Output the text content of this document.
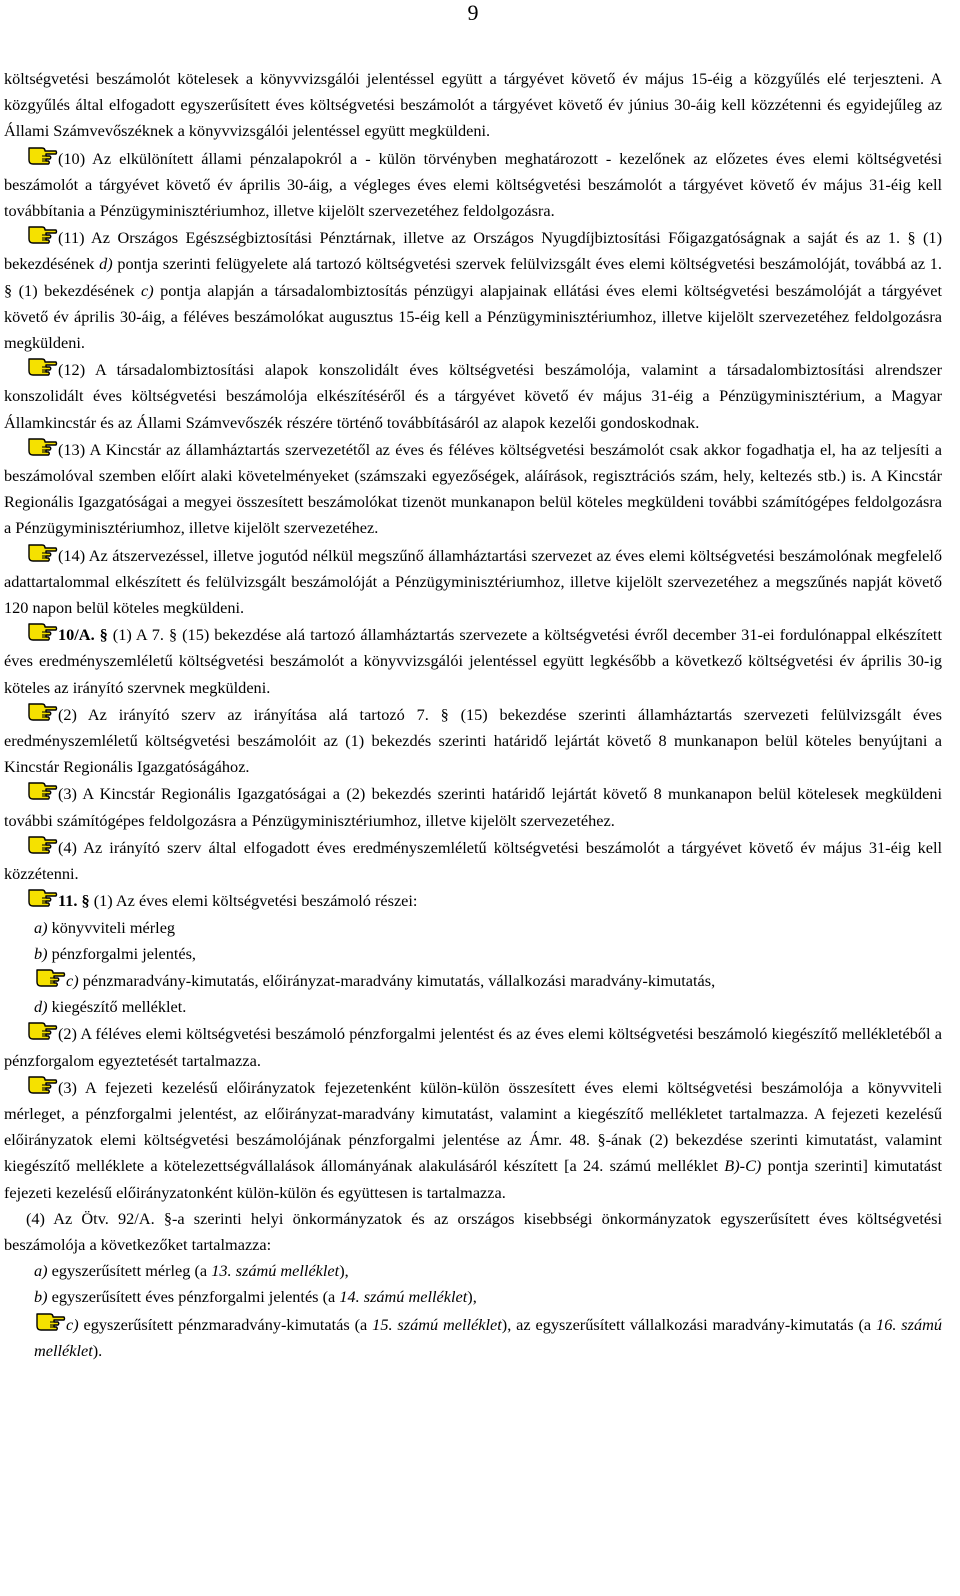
9

költségvetési beszámolót kötelesek a könyvvizsgálói jelentéssel együtt a tárgyévet követő év május 15-éig a közgyűlés elé terjeszteni. A közgyűlés által elfogadott egyszerűsített éves költségvetési beszámolót a tárgyévet követő év június 30-áig kell közzétenni és egyidejűleg az Állami Számvevőszéknek a könyvvizsgálói jelentéssel együtt megküldeni.

(10) Az elkülönített állami pénzalapokról a - külön törvényben meghatározott - kezelőnek az előzetes éves elemi költségvetési beszámolót a tárgyévet követő év április 30-áig, a végleges éves elemi költségvetési beszámolót a tárgyévet követő év május 31-éig kell továbbítania a Pénzügyminisztériumhoz, illetve kijelölt szervezetéhez feldolgozásra.

(11) Az Országos Egészségbiztosítási Pénztárnak, illetve az Országos Nyugdíjbiztosítási Főigazgatóságnak a saját és az 1. § (1) bekezdésének d) pontja szerinti felügyelete alá tartozó költségvetési szervek felülvizsgált éves elemi költségvetési beszámolóját, továbbá az 1. § (1) bekezdésének c) pontja alapján a társadalombiztosítás pénzügyi alapjainak ellátási éves elemi költségvetési beszámolóját a tárgyévet követő év április 30-áig, a féléves beszámolókat augusztus 15-éig kell a Pénzügyminisztériumhoz, illetve kijelölt szervezetéhez feldolgozásra megküldeni.

(12) A társadalombiztosítási alapok konszolidált éves költségvetési beszámolója, valamint a társadalombiztosítási alrendszer konszolidált éves költségvetési beszámolója elkészítéséről és a tárgyévet követő év május 31-éig a Pénzügyminisztérium, a Magyar Államkincstár és az Állami Számvevőszék részére történő továbbításáról az alapok kezelői gondoskodnak.

(13) A Kincstár az államháztartás szervezetétől az éves és féléves költségvetési beszámolót csak akkor fogadhatja el, ha az teljesíti a beszámolóval szemben előírt alaki követelményeket (számszaki egyezőségek, aláírások, regisztrációs szám, hely, keltezés stb.) is. A Kincstár Regionális Igazgatóságai a megyei összesített beszámolókat tizenöt munkanapon belül köteles megküldeni további számítógépes feldolgozásra a Pénzügyminisztériumhoz, illetve kijelölt szervezetéhez.

(14) Az átszervezéssel, illetve jogutód nélkül megszűnő államháztartási szervezet az éves elemi költségvetési beszámolónak megfelelő adattartalommal elkészített és felülvizsgált beszámolóját a Pénzügyminisztériumhoz, illetve kijelölt szervezetéhez a megszűnés napját követő 120 napon belül köteles megküldeni.

10/A. § (1) A 7. § (15) bekezdése alá tartozó államháztartás szervezete a költségvetési évről december 31-ei fordulónappal elkészített éves eredményszemléletű költségvetési beszámolót a könyvvizsgálói jelentéssel együtt legkésőbb a következő költségvetési év április 30-ig köteles az irányító szervnek megküldeni.

(2) Az irányító szerv az irányítása alá tartozó 7. § (15) bekezdése szerinti államháztartás szervezeti felülvizsgált éves eredményszemléletű költségvetési beszámolóit az (1) bekezdés szerinti határidő lejártát követő 8 munkanapon belül köteles benyújtani a Kincstár Regionális Igazgatóságához.

(3) A Kincstár Regionális Igazgatóságai a (2) bekezdés szerinti határidő lejártát követő 8 munkanapon belül kötelesek megküldeni további számítógépes feldolgozásra a Pénzügyminisztériumhoz, illetve kijelölt szervezetéhez.

(4) Az irányító szerv által elfogadott éves eredményszemléletű költségvetési beszámolót a tárgyévet követő év május 31-éig kell közzétenni.

11. § (1) Az éves elemi költségvetési beszámoló részei:

a) könyvviteli mérleg

b) pénzforgalmi jelentés,

c) pénzmaradvány-kimutatás, előirányzat-maradvány kimutatás, vállalkozási maradvány-kimutatás,

d) kiegészítő melléklet.

(2) A féléves elemi költségvetési beszámoló pénzforgalmi jelentést és az éves elemi költségvetési beszámoló kiegészítő mellékletéből a pénzforgalom egyeztetését tartalmazza.

(3) A fejezeti kezelésű előirányzatok fejezetenként külön-külön összesített éves elemi költségvetési beszámolója a könyvviteli mérleget, a pénzforgalmi jelentést, az előirányzat-maradvány kimutatást, valamint a kiegészítő mellékletet tartalmazza. A fejezeti kezelésű előirányzatok elemi költségvetési beszámolójának pénzforgalmi jelentése az Ámr. 48. §-ának (2) bekezdése szerinti kimutatást, valamint kiegészítő melléklete a kötelezettségvállalások állományának alakulásáról készített [a 24. számú melléklet B)-C) pontja szerinti] kimutatást fejezeti kezelésű előirányzatonként külön-külön és együttesen is tartalmazza.

(4) Az Ötv. 92/A. §-a szerinti helyi önkormányzatok és az országos kisebbségi önkormányzatok egyszerűsített éves költségvetési beszámolója a következőket tartalmazza:

a) egyszerűsített mérleg (a 13. számú melléklet),

b) egyszerűsített éves pénzforgalmi jelentés (a 14. számú melléklet),

c) egyszerűsített pénzmaradvány-kimutatás (a 15. számú melléklet), az egyszerűsített vállalkozási maradvány-kimutatás (a 16. számú melléklet).
